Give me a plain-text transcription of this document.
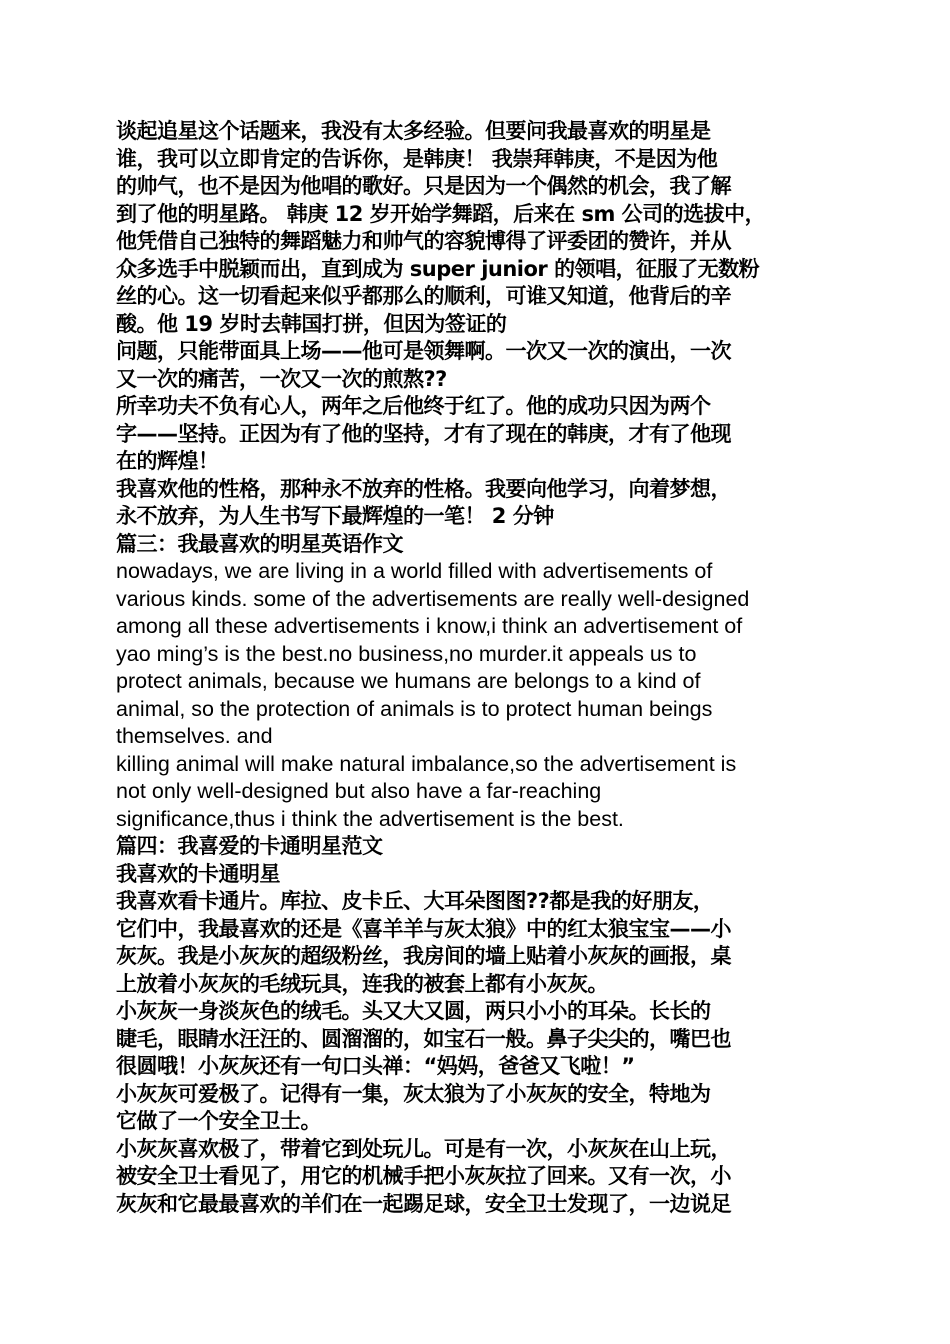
谈起追星这个话题来，我没有太多经验。但要问我最喜欢的明星是
谁，我可以立即肯定的告诉你，是韩庚！ 我崇拜韩庚，不是因为他
的帅气，也不是因为他唱的歌好。只是因为一个偶然的机会，我了解
到了他的明星路。 韩庚 12 岁开始学舞蹈，后来在 sm 公司的选拔中，
他凭借自己独特的舞蹈魅力和帅气的容貌博得了评委团的赞许，并从
众多选手中脱颖而出，直到成为 super junior 的领唱，征服了无数粉
丝的心。这一切看起来似乎都那么的顺利，可谁又知道，他背后的辛
酸。他 19 岁时去韩国打拼，但因为签证的
问题，只能带面具上场——他可是领舞啊。一次又一次的演出，一次
又一次的痛苦，一次又一次的煎熬??
所幸功夫不负有心人，两年之后他终于红了。他的成功只因为两个
字——坚持。正因为有了他的坚持，才有了现在的韩庚，才有了他现
在的辉煌！
我喜欢他的性格，那种永不放弃的性格。我要向他学习，向着梦想，
永不放弃，为人生书写下最辉煌的一笔！ 2 分钟
篇三：我最喜欢的明星英语作文
nowadays, we are living in a world filled with advertisements of
various kinds. some of the advertisements are really well-designed
among all these advertisements i know,i think an advertisement of
yao ming’s is the best.no business,no murder.it appeals us to
protect animals, because we humans are belongs to a kind of
animal, so the protection of animals is to protect human beings
themselves. and
killing animal will make natural imbalance,so the advertisement is
not only well-designed but also have a far-reaching
significance,thus i think the advertisement is the best.
篇四：我喜爱的卡通明星范文
我喜欢的卡通明星
我喜欢看卡通片。库拉、皮卡丘、大耳朵图图??都是我的好朋友，
它们中，我最喜欢的还是《喜羊羊与灰太狼》中的红太狼宝宝——小
灰灰。我是小灰灰的超级粉丝，我房间的墙上贴着小灰灰的画报，桌
上放着小灰灰的毛绒玩具，连我的被套上都有小灰灰。
小灰灰一身淡灰色的绒毛。头又大又圆，两只小小的耳朵。长长的
睫毛，眼睛水汪汪的、圆溜溜的，如宝石一般。鼻子尖尖的，嘴巴也
很圆哦！小灰灰还有一句口头禅：“妈妈，爸爸又飞啦！”
小灰灰可爱极了。记得有一集，灰太狼为了小灰灰的安全，特地为
它做了一个安全卫士。
小灰灰喜欢极了，带着它到处玩儿。可是有一次，小灰灰在山上玩，
被安全卫士看见了，用它的机械手把小灰灰拉了回来。又有一次，小
灰灰和它最最喜欢的羊们在一起踢足球，安全卫士发现了，一边说足
